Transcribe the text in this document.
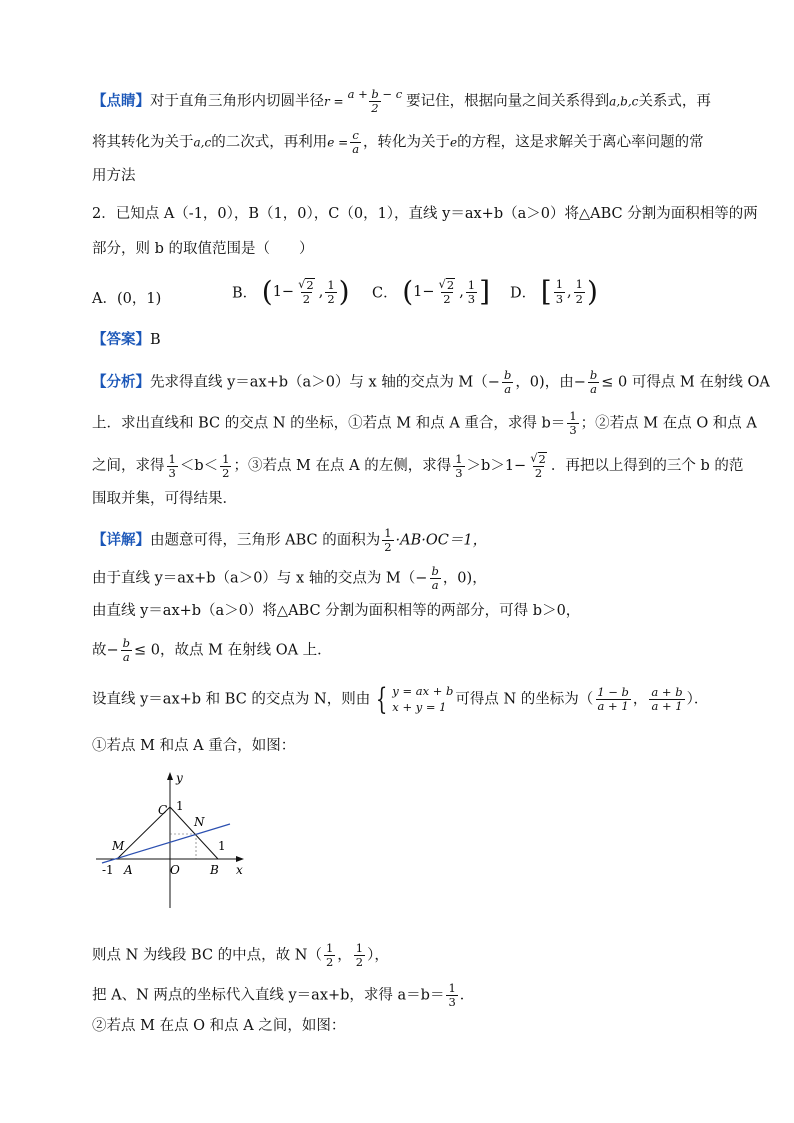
【点睛】对于直角三角形内切圆半径$r = \frac{a + b - c}{2}$ 要记住，根据向量之间关系得到a,b,c关系式，再
将其转化为关于a,c的二次式，再利用$e = \frac{c}{a}$ ，转化为关于e的方程，这是求解关于离心率问题的常
用方法
2．已知点 A（-1，0），B（1，0），C（0，1），直线 y＝ax+b（a＞0）将△ABC 分割为面积相等的两
部分，则 b 的取值范围是（　　）
A．(0，1)	B． ( $1- \frac{√ 2}{2}$ , $\frac{1}{2}$ ) C． ( $1- \frac{√ 2}{2}$ , $\frac{1}{3}$ ] D． [ $\frac{1}{3}$ , $\frac{1}{2}$ )
【答案】B
【分析】先求得直线 y＝ax+b（a＞0）与 x 轴的交点为 $M(- \frac{b}{a}$ ，0)，由− $\frac{b}{a} \le 0$ 可得点 M 在射线 OA
上．求出直线和 BC 的交点 N 的坐标，①若点 M 和点 A 重合，求得 $b= \frac{1}{3}$ ；②若点 M 在点 O 和点 A
之间，求得 $\frac{1}{3} <b< \frac{1}{2}$ ；③若点 M 在点 A 的左侧，求得 $\frac{1}{3} >b>1- \frac{√ 2}{2}$ ．再把以上得到的三个 b 的范
围取并集，可得结果．
【详解】由题意可得，三角形 ABC 的面积为 $\frac{1}{2} \cdot AB\cdot OC=1$，
由于直线 y＝ax+b（a＞0）与 x 轴的交点为 $M(- \frac{b}{a}$ ，0)，
由直线 y＝ax+b（a＞0）将△ABC 分割为面积相等的两部分，可得 b＞0，
故− $\frac{b}{a} \le 0$，故点 M 在射线 OA 上．
设直线 y＝ax+b 和 BC 的交点为 N，则由 { y = ax + b
x + y = 1 可得点 N 的坐标为（ $\frac{1 - b}{a + 1}$ ， $\frac{a + b}{a + 1}$ ）．
①若点 M 和点 A 重合，如图：
y
x
C 1
N
M	1
-1 A	O	B
则点 N 为线段 BC 的中点，故 $N( \frac{1}{2}$ ， $\frac{1}{2}$ ），
把 A、N 两点的坐标代入直线 y＝ax+b，求得 $a=b= \frac{1}{3}$ ．
②若点 M 在点 O 和点 A 之间，如图：
